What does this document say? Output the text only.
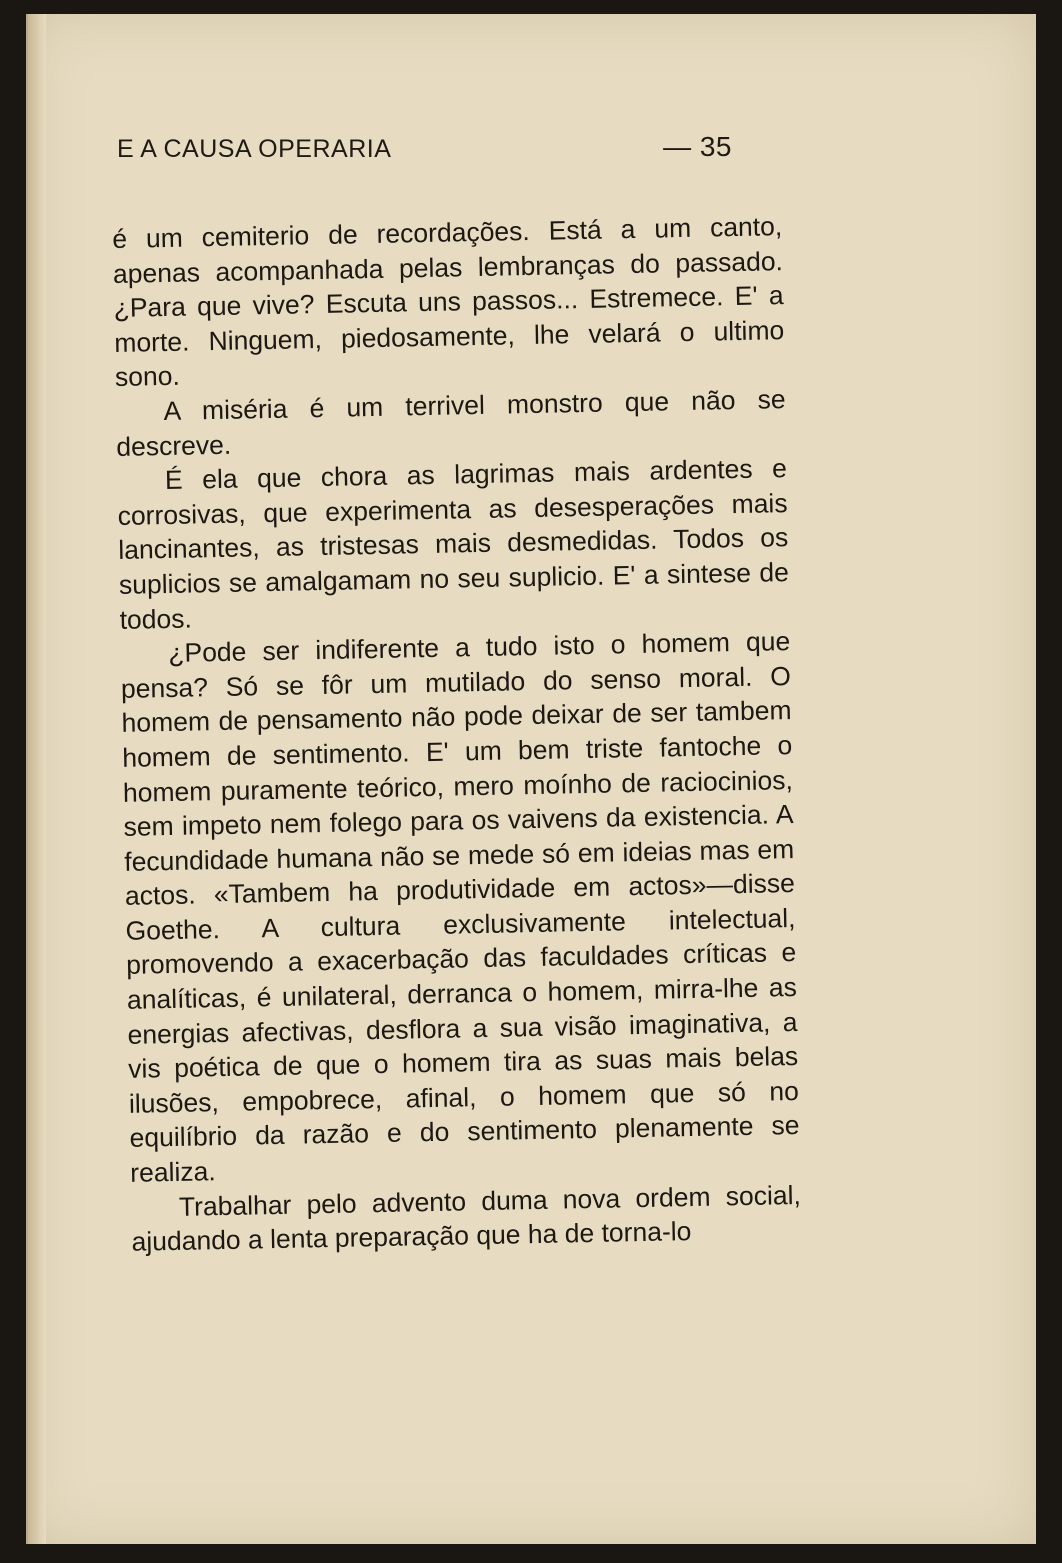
E A CAUSA OPERARIA	— 35

é um cemiterio de recordações. Está a um canto, apenas acompanhada pelas lembranças do passado. ¿Para que vive? Escuta uns passos... Estremece. E' a morte. Ninguem, piedosamente, lhe velará o ultimo sono.

A miséria é um terrivel monstro que não se descreve.

É ela que chora as lagrimas mais ardentes e corrosivas, que experimenta as desesperações mais lancinantes, as tristesas mais desmedidas. Todos os suplicios se amalgamam no seu suplicio. E' a sintese de todos.

¿Pode ser indiferente a tudo isto o homem que pensa? Só se fôr um mutilado do senso moral. O homem de pensamento não pode deixar de ser tambem homem de sentimento. E' um bem triste fantoche o homem puramente teórico, mero moínho de raciocinios, sem impeto nem folego para os vaivens da existencia. A fecundidade humana não se mede só em ideias mas em actos. «Tambem ha produtividade em actos»—disse Goethe. A cultura exclusivamente intelectual, promovendo a exacerbação das faculdades críticas e analíticas, é unilateral, derranca o homem, mirra-lhe as energias afectivas, desflora a sua visão imaginativa, a vis poética de que o homem tira as suas mais belas ilusões, empobrece, afinal, o homem que só no equilíbrio da razão e do sentimento plenamente se realiza.

Trabalhar pelo advento duma nova ordem social, ajudando a lenta preparação que ha de torna-lo
